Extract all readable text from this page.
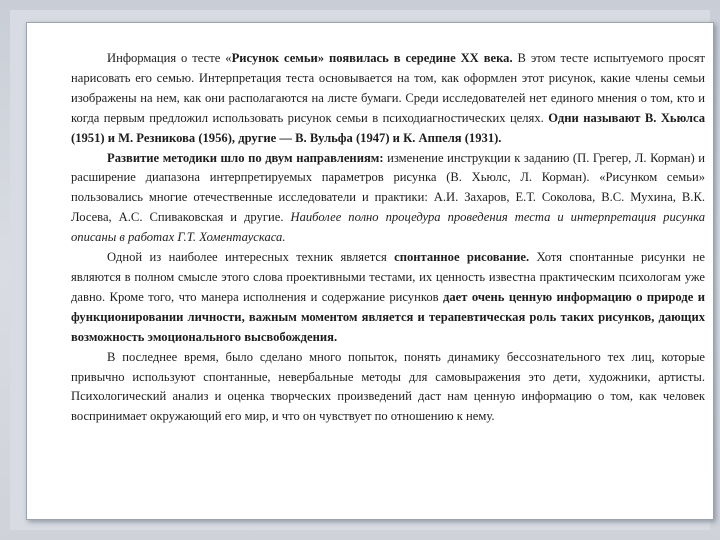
Информация о тесте «Рисунок семьи» появилась в середине XX века. В этом тесте испытуемого просят нарисовать его семью. Интерпретация теста основывается на том, как оформлен этот рисунок, какие члены семьи изображены на нем, как они располагаются на листе бумаги. Среди исследователей нет единого мнения о том, кто и когда первым предложил использовать рисунок семьи в психодиагностических целях. Одни называют В. Хьюлса (1951) и М. Резникова (1956), другие — В. Вульфа (1947) и К. Аппеля (1931).

Развитие методики шло по двум направлениям: изменение инструкции к заданию (П. Грегер, Л. Корман) и расширение диапазона интерпретируемых параметров рисунка (В. Хьюлс, Л. Корман). «Рисунком семьи» пользовались многие отечественные исследователи и практики: А.И. Захаров, Е.Т. Соколова, В.С. Мухина, В.К. Лосева, А.С. Спиваковская и другие. Наиболее полно процедура проведения теста и интерпретация рисунка описаны в работах Г.Т. Хоментаускаса.

Одной из наиболее интересных техник является спонтанное рисование. Хотя спонтанные рисунки не являются в полном смысле этого слова проективными тестами, их ценность известна практическим психологам уже давно. Кроме того, что манера исполнения и содержание рисунков дает очень ценную информацию о природе и функционировании личности, важным моментом является и терапевтическая роль таких рисунков, дающих возможность эмоционального высвобождения.

В последнее время, было сделано много попыток, понять динамику бессознательного тех лиц, которые привычно используют спонтанные, невербальные методы для самовыражения это дети, художники, артисты. Психологический анализ и оценка творческих произведений даст нам ценную информацию о том, как человек воспринимает окружающий его мир, и что он чувствует по отношению к нему.
